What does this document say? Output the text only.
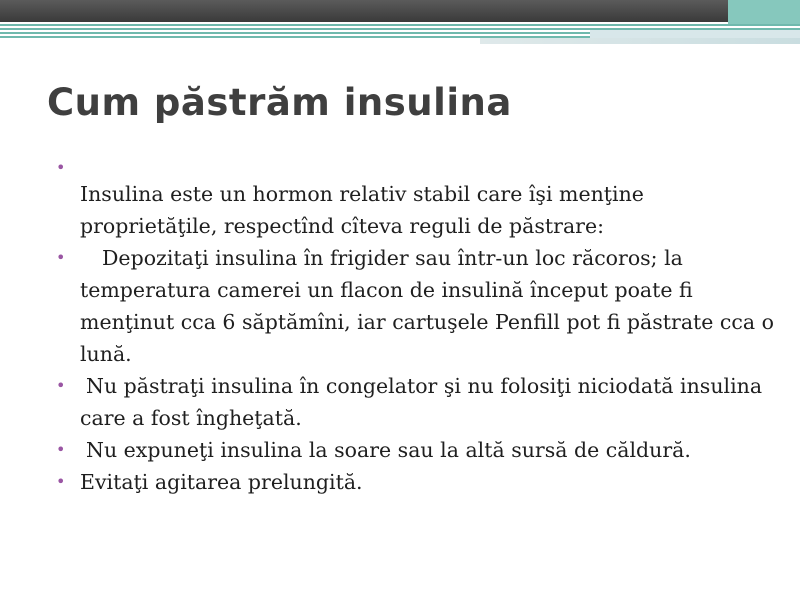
Cum păstrăm insulina
•
Insulina este un hormon relativ stabil care îşi menţine proprietăţile, respectînd cîteva reguli de păstrare:
•
Depozitaţi insulina în frigider sau într-un loc răcoros; la temperatura camerei un flacon de insulină început poate fi menţinut cca 6 săptămîni, iar cartuşele Penfill pot fi păstrate cca o lună.
•
Nu păstraţi insulina în congelator şi nu folosiţi niciodată insulina care a fost îngheţată.
•
Nu expuneţi insulina la soare sau la altă sursă de căldură.
•
Evitaţi agitarea prelungită.
